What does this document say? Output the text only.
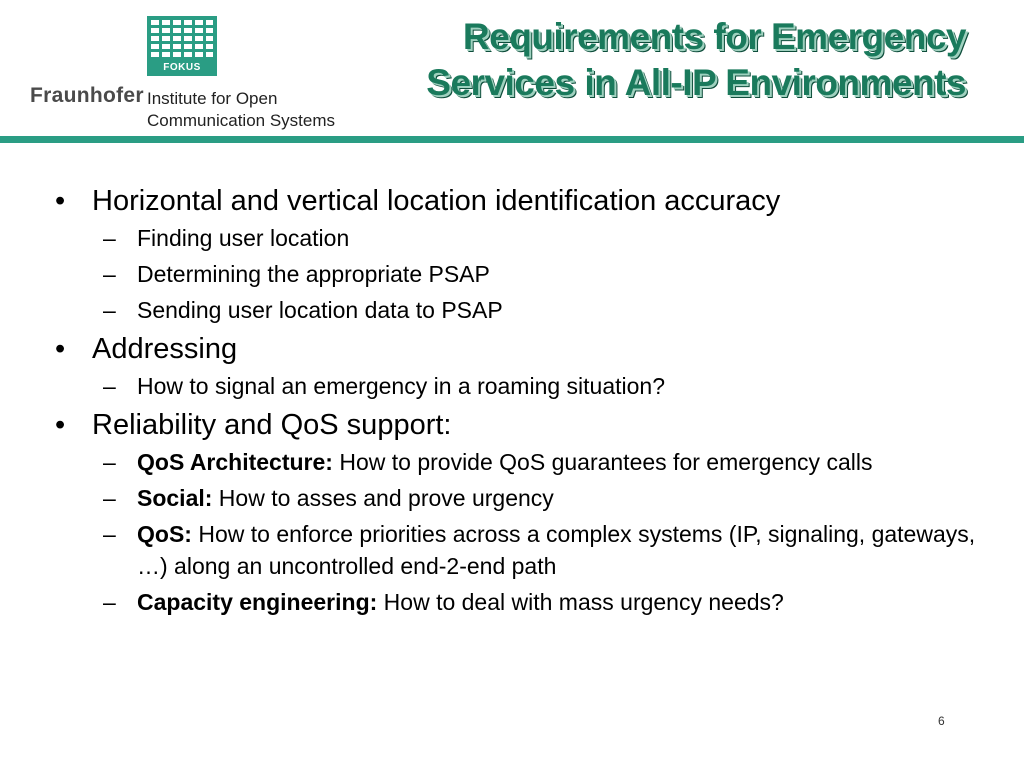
FOKUS
Fraunhofer Institute for Open
Communication Systems
Requirements for Emergency
Services in All-IP Environments
• Horizontal and vertical location identification accuracy
– Finding user location
– Determining the appropriate PSAP
– Sending user location data to PSAP
• Addressing
– How to signal an emergency in a roaming situation?
• Reliability and QoS support:
– QoS Architecture: How to provide QoS guarantees for emergency calls
– Social: How to asses and prove urgency
– QoS: How to enforce priorities across a complex systems (IP, signaling, gateways, …) along an uncontrolled end-2-end path
– Capacity engineering: How to deal with mass urgency needs?
6
